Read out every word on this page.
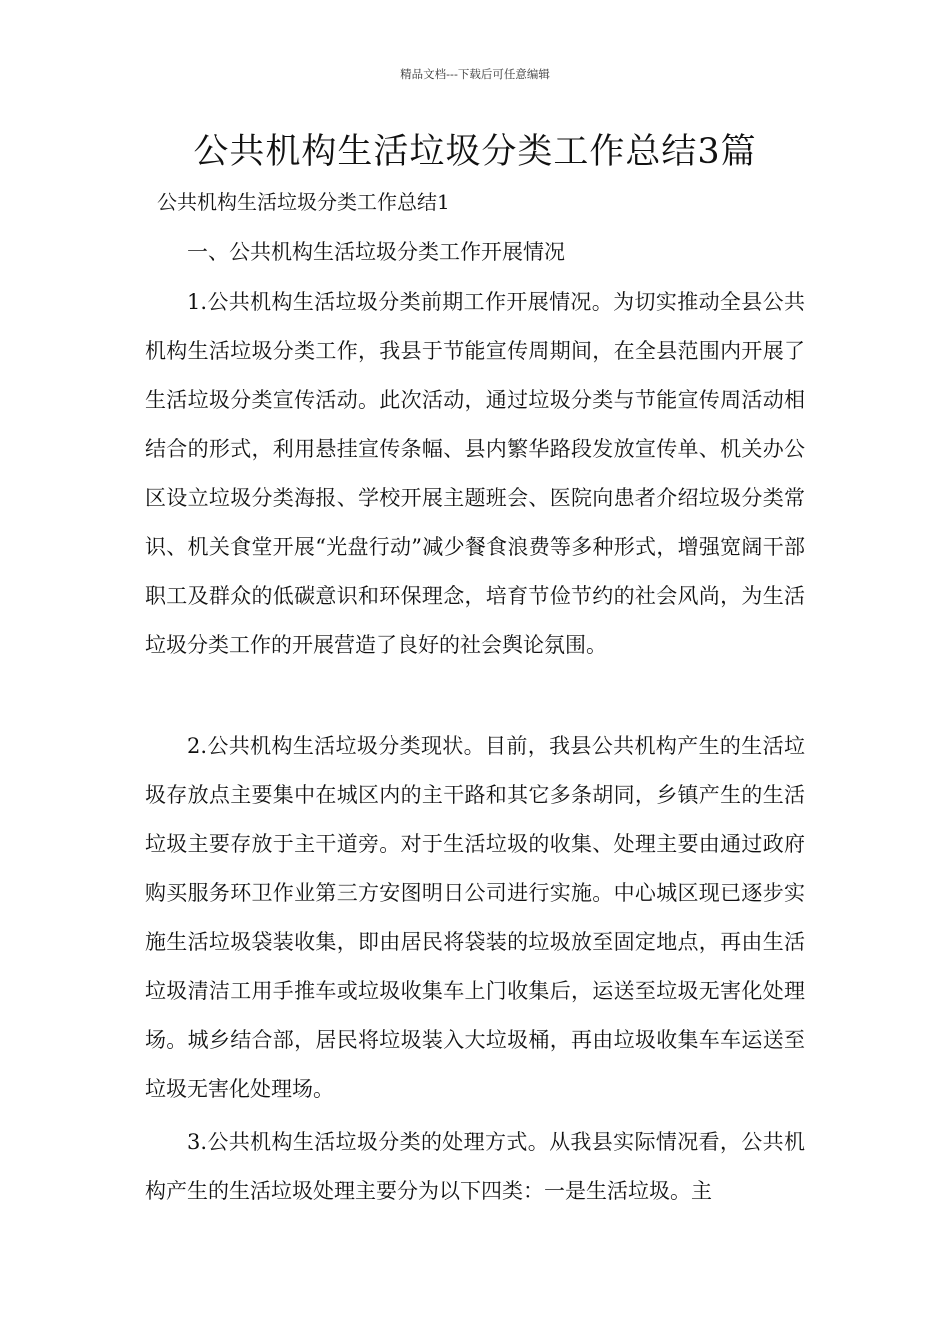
精品文档---下载后可任意编辑
公共机构生活垃圾分类工作总结3篇
公共机构生活垃圾分类工作总结1

一、公共机构生活垃圾分类工作开展情况

1.公共机构生活垃圾分类前期工作开展情况。为切实推动全县公共机构生活垃圾分类工作，我县于节能宣传周期间，在全县范围内开展了生活垃圾分类宣传活动。此次活动，通过垃圾分类与节能宣传周活动相结合的形式，利用悬挂宣传条幅、县内繁华路段发放宣传单、机关办公区设立垃圾分类海报、学校开展主题班会、医院向患者介绍垃圾分类常识、机关食堂开展“光盘行动”减少餐食浪费等多种形式，增强宽阔干部职工及群众的低碳意识和环保理念，培育节俭节约的社会风尚，为生活垃圾分类工作的开展营造了良好的社会舆论氛围。

2.公共机构生活垃圾分类现状。目前，我县公共机构产生的生活垃圾存放点主要集中在城区内的主干路和其它多条胡同，乡镇产生的生活垃圾主要存放于主干道旁。对于生活垃圾的收集、处理主要由通过政府购买服务环卫作业第三方安图明日公司进行实施。中心城区现已逐步实施生活垃圾袋装收集，即由居民将袋装的垃圾放至固定地点，再由生活垃圾清洁工用手推车或垃圾收集车上门收集后，运送至垃圾无害化处理场。城乡结合部，居民将垃圾装入大垃圾桶，再由垃圾收集车车运送至垃圾无害化处理场。

3.公共机构生活垃圾分类的处理方式。从我县实际情况看，公共机构产生的生活垃圾处理主要分为以下四类：一是生活垃圾。主
